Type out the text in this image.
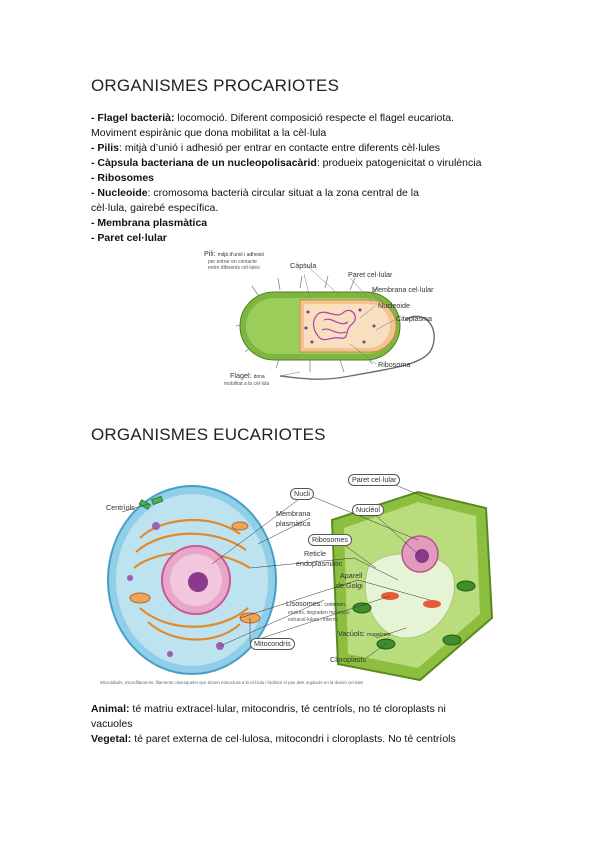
ORGANISMES PROCARIOTES
- Flagel bacterià: locomoció. Diferent composició respecte el flagel eucariota.
Moviment espirànic que dona mobilitat a la cèl·lula
- Pilis: mitjà d’unió i adhesió per entrar en contacte entre diferents cèl·lules
- Càpsula bacteriana de un nucleopolisacàrid: produeix patogenicitat o virulència
- Ribosomes
- Nucleoide: cromosoma bacterià circular situat a la zona central de la
cèl·lula, gairebé específica.
- Membrana plasmàtica
- Paret cel·lular
Pili: mitjà d'unió i adhesió
per entrar en contacte
entre diferents cèl·lules	Càpsula
Paret cel·lular
Membrana cel·lular
Nucleoide
Citoplasma
Ribosoma
Flagel: dona
mobilitat a la cèl·lula
ORGANISMES EUCARIOTES
Centrìols
Nucli
Paret cel·lular
Nucléol
Membrana
plasmàtica
Ribosomes
Reticle
endoplasmàtic
Aparell
de Golgi
Lisosomes: contenen
enzims, degraden materials
extracel·lulars i interns
Mitocondris
Vacúols: magatzem
Cloroplasts
Microtúbuls, microfilaments: filaments citoesquelet que donen estructura a la cèl·lula i faciliten el pas dels orgànuls en la divisió cel·lular
Animal: té matriu extracel·lular, mitocondris, té centríols, no té cloroplasts ni
vacuoles
Vegetal: té paret externa de cel·lulosa, mitocondri i cloroplasts. No té centríols
